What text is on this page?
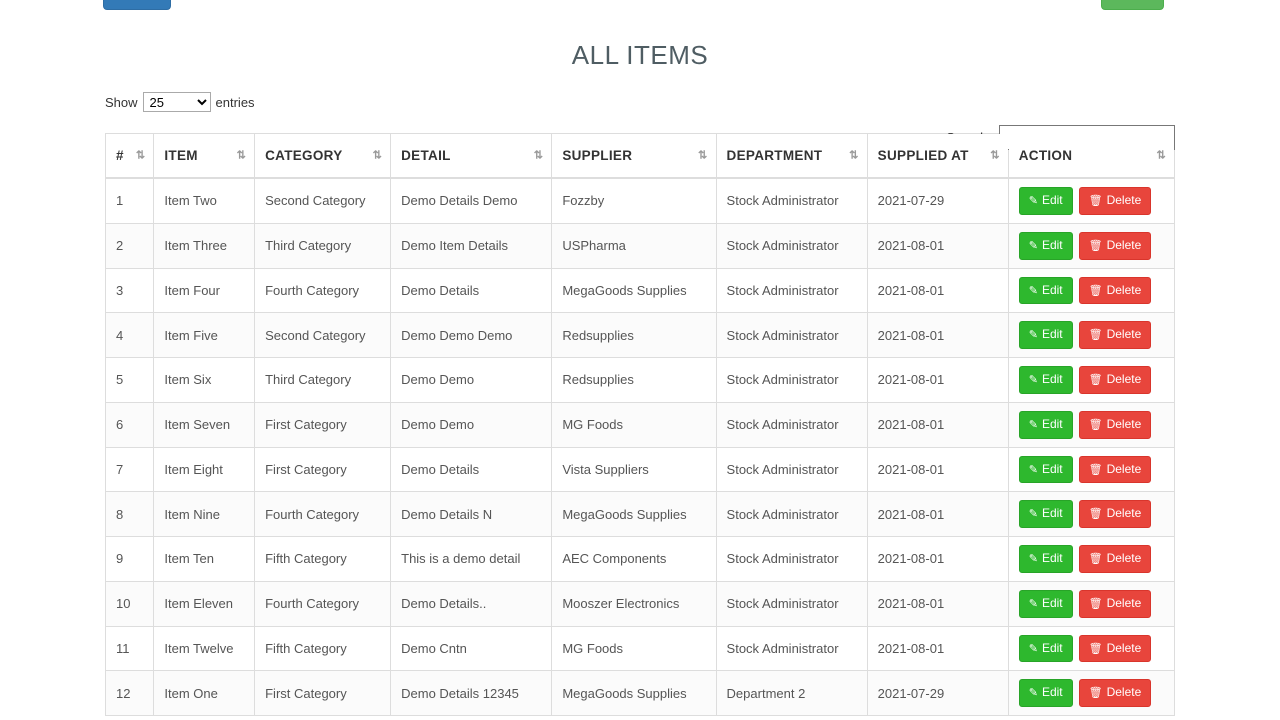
ALL ITEMS
Show
25	entries
# ⇅	ITEM ⇅	CATEGORY ⇅	DETAIL ⇅	SUPPLIER ⇅	DEPARTMENT ⇅	SUPPLIED AT ⇅	ACTION ⇅

1	Item Two	Second Category	Demo Details Demo	Fozzby	Stock Administrator	2021-07-29	✎ Edit 🗑 Delete
2	Item Three	Third Category	Demo Item Details	USPharma	Stock Administrator	2021-08-01	✎ Edit 🗑 Delete
3	Item Four	Fourth Category	Demo Details	MegaGoods Supplies	Stock Administrator	2021-08-01	✎ Edit 🗑 Delete
4	Item Five	Second Category	Demo Demo Demo	Redsupplies	Stock Administrator	2021-08-01	✎ Edit 🗑 Delete
5	Item Six	Third Category	Demo Demo	Redsupplies	Stock Administrator	2021-08-01	✎ Edit 🗑 Delete
6	Item Seven	First Category	Demo Demo	MG Foods	Stock Administrator	2021-08-01	✎ Edit 🗑 Delete
7	Item Eight	First Category	Demo Details	Vista Suppliers	Stock Administrator	2021-08-01	✎ Edit 🗑 Delete
8	Item Nine	Fourth Category	Demo Details N	MegaGoods Supplies	Stock Administrator	2021-08-01	✎ Edit 🗑 Delete
9	Item Ten	Fifth Category	This is a demo detail	AEC Components	Stock Administrator	2021-08-01	✎ Edit 🗑 Delete
10	Item Eleven	Fourth Category	Demo Details..	Mooszer Electronics	Stock Administrator	2021-08-01	✎ Edit 🗑 Delete
11	Item Twelve	Fifth Category	Demo Cntn	MG Foods	Stock Administrator	2021-08-01	✎ Edit 🗑 Delete
12	Item One	First Category	Demo Details 12345	MegaGoods Supplies	Department 2	2021-07-29	✎ Edit 🗑 Delete
